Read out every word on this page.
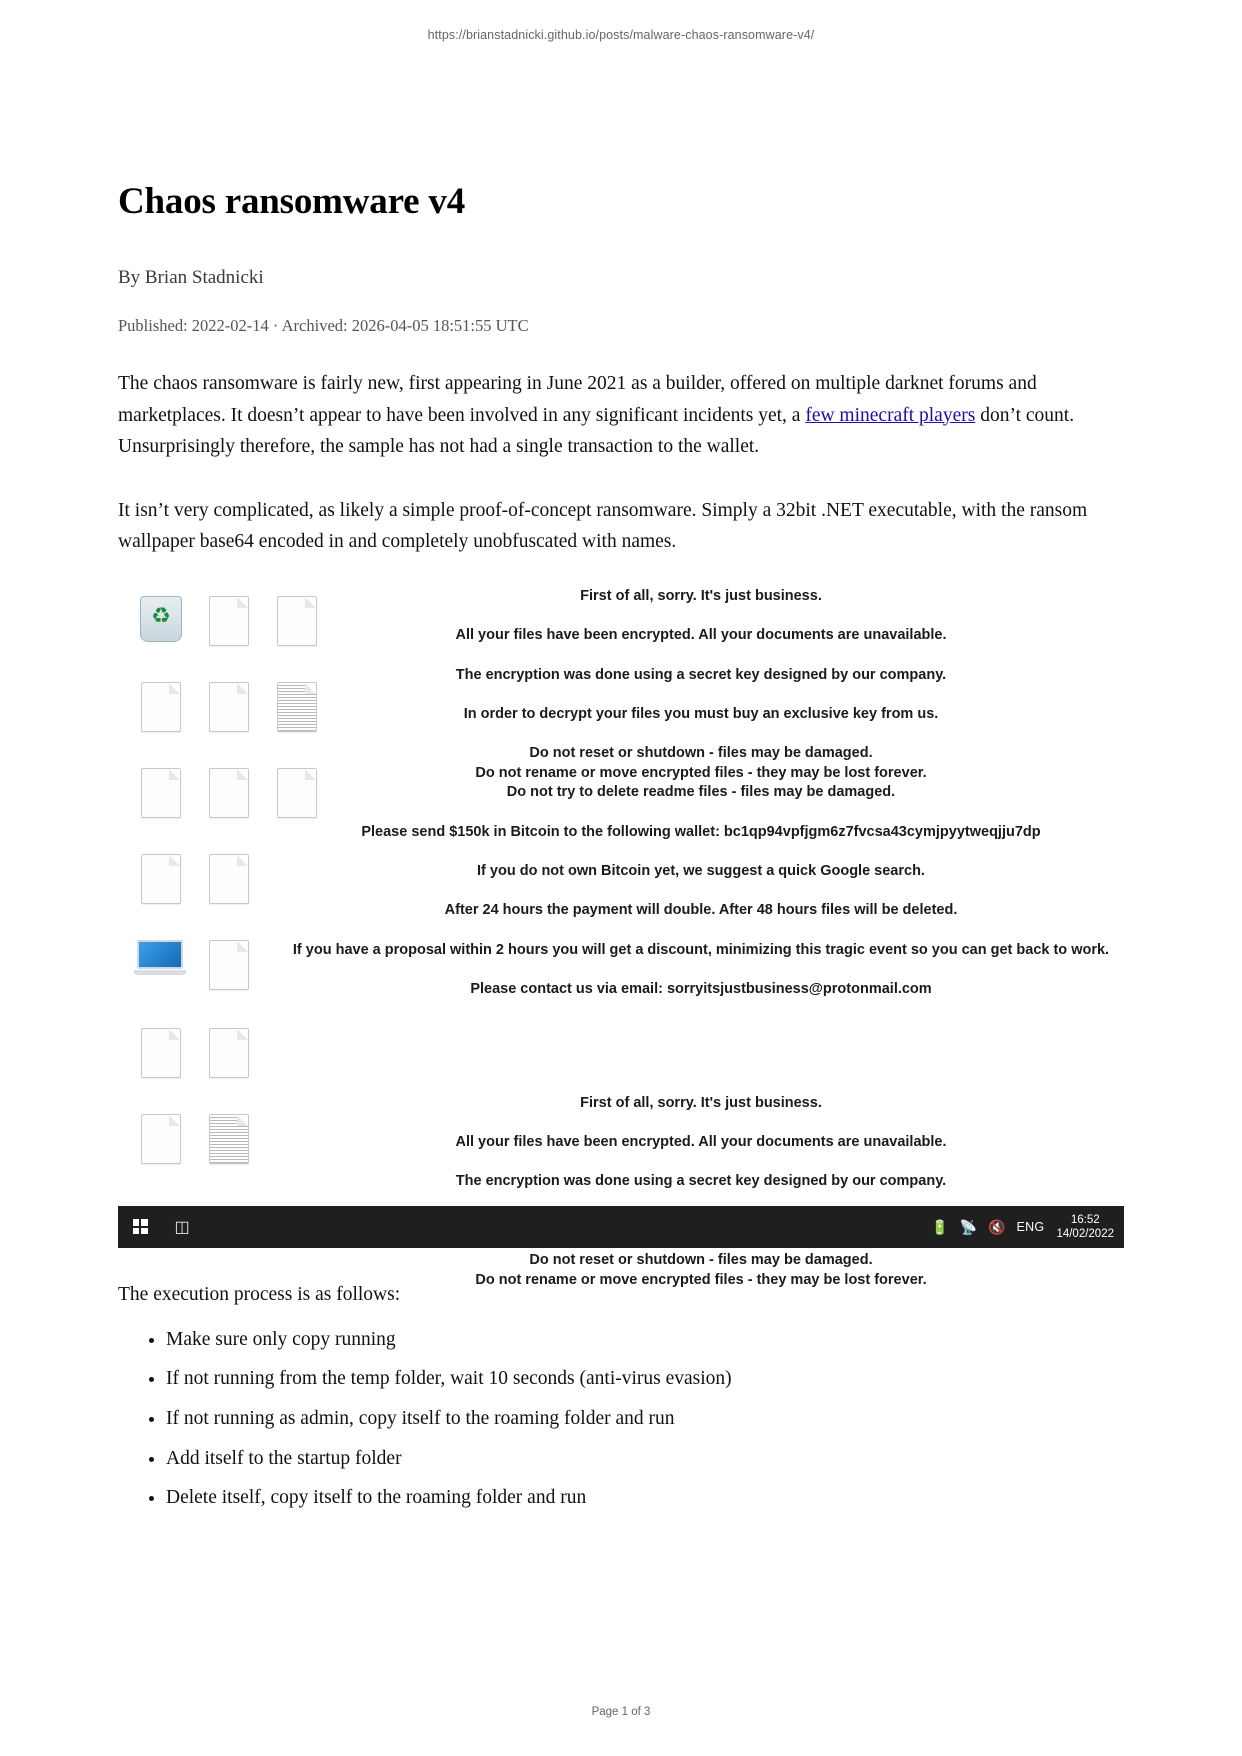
https://brianstadnicki.github.io/posts/malware-chaos-ransomware-v4/
Chaos ransomware v4
By Brian Stadnicki
Published: 2022-02-14 · Archived: 2026-04-05 18:51:55 UTC

The chaos ransomware is fairly new, first appearing in June 2021 as a builder, offered on multiple darknet forums and marketplaces. It doesn’t appear to have been involved in any significant incidents yet, a few minecraft players don’t count. Unsurprisingly therefore, the sample has not had a single transaction to the wallet.

It isn’t very complicated, as likely a simple proof-of-concept ransomware. Simply a 32bit .NET executable, with the ransom wallpaper base64 encoded in and completely unobfuscated with names.

♻

First of all, sorry. It's just business.

All your files have been encrypted. All your documents are unavailable.

The encryption was done using a secret key designed by our company.

In order to decrypt your files you must buy an exclusive key from us.

Do not reset or shutdown - files may be damaged.

Do not rename or move encrypted files - they may be lost forever.

Do not try to delete readme files - files may be damaged.

Please send $150k in Bitcoin to the following wallet: bc1qp94vpfjgm6z7fvcsa43cymjpyytweqjju7dp

If you do not own Bitcoin yet, we suggest a quick Google search.

After 24 hours the payment will double. After 48 hours files will be deleted.

If you have a proposal within 2 hours you will get a discount, minimizing this tragic event so you can get back to work.

Please contact us via email: sorryitsjustbusiness@protonmail.com

First of all, sorry. It's just business.

All your files have been encrypted. All your documents are unavailable.

The encryption was done using a secret key designed by our company.

Do not reset or shutdown - files may be damaged.

Do not rename or move encrypted files - they may be lost forever.

◫	🔋 📡 🔇 ENG
16:52
14/02/2022

The execution process is as follows:

• Make sure only copy running
• If not running from the temp folder, wait 10 seconds (anti-virus evasion)
• If not running as admin, copy itself to the roaming folder and run
• Add itself to the startup folder
• Delete itself, copy itself to the roaming folder and run
Page 1 of 3
